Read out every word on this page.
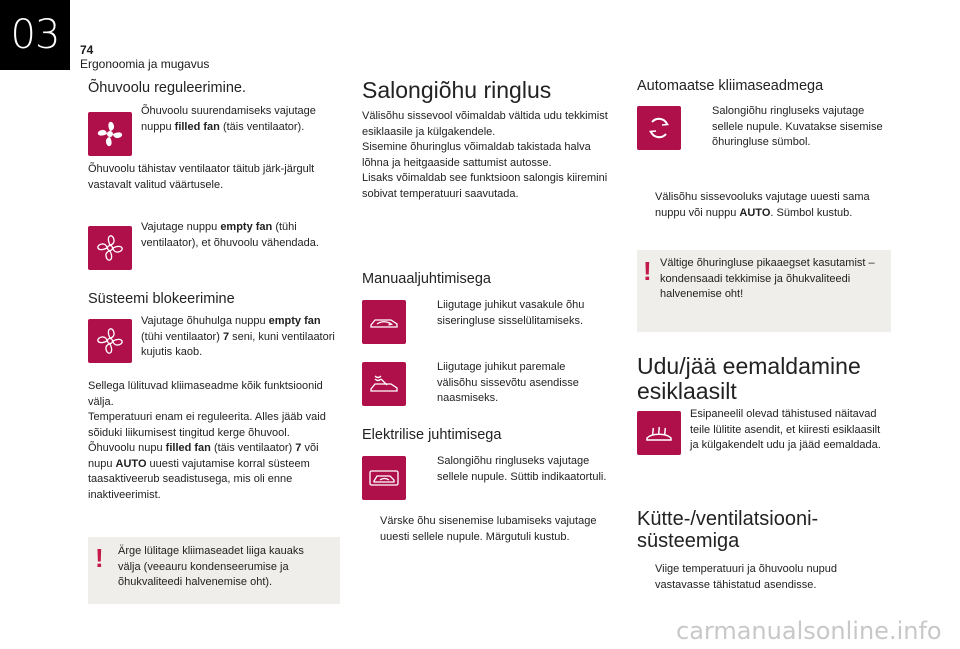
03 74
Ergonoomia ja mugavus
Õhuvoolu reguleerimine.
Õhuvoolu suurendamiseks vajutage nuppu filled fan (täis ventilaator).
Õhuvoolu tähistav ventilaator täitub järk-järgult vastavalt valitud väärtusele.
Vajutage nuppu empty fan (tühi ventilaator), et õhuvoolu vähendada.
Süsteemi blokeerimine
Vajutage õhuhulga nuppu empty fan (tühi ventilaator) 7 seni, kuni ventilaatori kujutis kaob.
Sellega lülituvad kliimaseadme kõik funktsioonid välja.
Temperatuuri enam ei reguleerita. Alles jääb vaid sõiduki liikumisest tingitud kerge õhuvool.
Õhuvoolu nupu filled fan (täis ventilaator) 7 või nupu AUTO uuesti vajutamise korral süsteem taasaktiveerub seadistusega, mis oli enne inaktiveerimist.
! Ärge lülitage kliimaseadet liiga kauaks välja (veeauru kondenseerumise ja õhukvaliteedi halvenemise oht).
Salongiõhu ringlus
Välisõhu sissevool võimaldab vältida udu tekkimist esiklaasile ja külgakendele.
Sisemine õhuringlus võimaldab takistada halva lõhna ja heitgaaside sattumist autosse.
Lisaks võimaldab see funktsioon salongis kiiremini sobivat temperatuuri saavutada.
Manuaaljuhtimisega
Liigutage juhikut vasakule õhu siseringluse sisselülitamiseks.
Liigutage juhikut paremale välisõhu sissevõtu asendisse naasmiseks.
Elektrilise juhtimisega
Salongiõhu ringluseks vajutage sellele nupule. Süttib indikaatortuli.
Värske õhu sisenemise lubamiseks vajutage uuesti sellele nupule. Märgutuli kustub.
Automaatse kliimaseadmega
Salongiõhu ringluseks vajutage sellele nupule. Kuvatakse sisemise õhuringluse sümbol.
Välisõhu sissevooluks vajutage uuesti sama nuppu või nuppu AUTO. Sümbol kustub.
! Vältige õhuringluse pikaaegset kasutamist – kondensaadi tekkimise ja õhukvaliteedi halvenemise oht!
Udu/jää eemaldamine
esiklaasilt
Esipaneelil olevad tähistused näitavad teile lülitite asendit, et kiiresti esiklaasilt ja külgakendelt udu ja jääd eemaldada.
Kütte-/ventilatsiooni-
süsteemiga
Viige temperatuuri ja õhuvoolu nupud vastavasse tähistatud asendisse.
carmanualsonline.info
